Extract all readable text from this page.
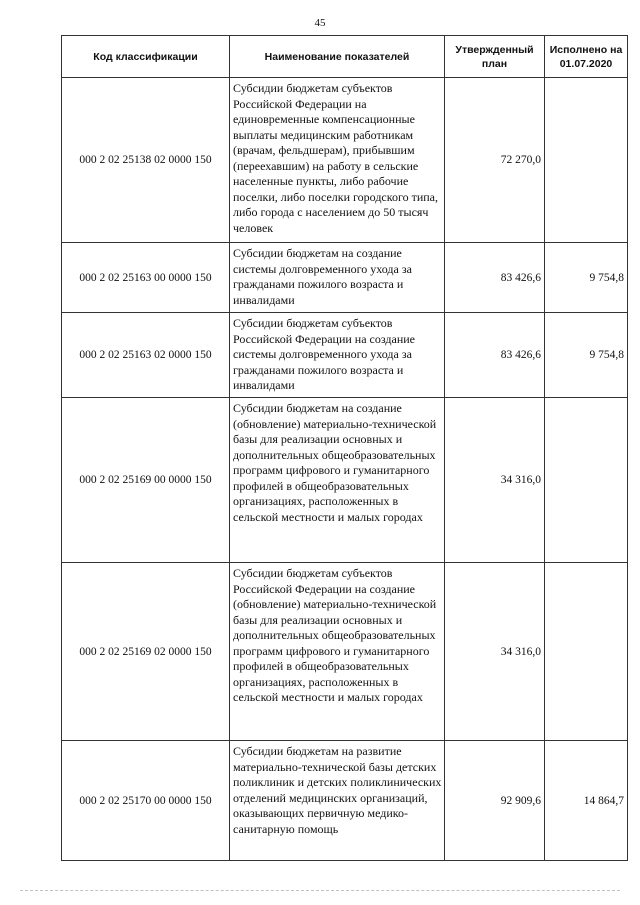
45
Код классификации	Наименование показателей	Утвержденный план	Исполнено на 01.07.2020
000 2 02 25138 02 0000 150	Субсидии бюджетам субъектов Российской Федерации на единовременные компенсационные выплаты медицинским работникам (врачам, фельдшерам), прибывшим (переехавшим) на работу в сельские населенные пункты, либо рабочие поселки, либо поселки городского типа, либо города с населением до 50 тысяч человек	72 270,0	
000 2 02 25163 00 0000 150	Субсидии бюджетам на создание системы долговременного ухода за гражданами пожилого возраста и инвалидами	83 426,6	9 754,8
000 2 02 25163 02 0000 150	Субсидии бюджетам субъектов Российской Федерации на создание системы долговременного ухода за гражданами пожилого возраста и инвалидами	83 426,6	9 754,8
000 2 02 25169 00 0000 150	Субсидии бюджетам на создание (обновление) материально-технической базы для реализации основных и дополнительных общеобразовательных программ цифрового и гуманитарного профилей в общеобразовательных организациях, расположенных в сельской местности и малых городах	34 316,0	
000 2 02 25169 02 0000 150	Субсидии бюджетам субъектов Российской Федерации на создание (обновление) материально-технической базы для реализации основных и дополнительных общеобразовательных программ цифрового и гуманитарного профилей в общеобразовательных организациях, расположенных в сельской местности и малых городах	34 316,0	
000 2 02 25170 00 0000 150	Субсидии бюджетам на развитие материально-технической базы детских поликлиник и детских поликлинических отделений медицинских организаций, оказывающих первичную медико-санитарную помощь	92 909,6	14 864,7
